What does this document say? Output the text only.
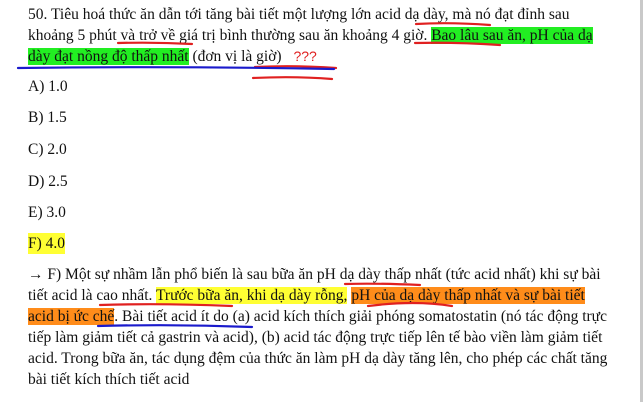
50. Tiêu hoá thức ăn dẫn tới tăng bài tiết một lượng lớn acid dạ dày, mà nó đạt đỉnh sau khoảng 5 phút và trở về giá trị bình thường sau ăn khoảng 4 giờ. Bao lâu sau ăn, pH của dạ dày đạt nồng độ thấp nhất (đơn vị là giờ) ???
A) 1.0
B) 1.5
C) 2.0
D) 2.5
E) 3.0
F) 4.0
→ F) Một sự nhầm lẫn phổ biến là sau bữa ăn pH dạ dày thấp nhất (tức acid nhất) khi sự bài tiết acid là cao nhất. Trước bữa ăn, khi dạ dày rỗng, pH của dạ dày thấp nhất và sự bài tiết acid bị ức chế. Bài tiết acid ít do (a) acid kích thích giải phóng somatostatin (nó tác động trực tiếp làm giảm tiết cả gastrin và acid), (b) acid tác động trực tiếp lên tế bào viền làm giảm tiết acid. Trong bữa ăn, tác dụng đệm của thức ăn làm pH dạ dày tăng lên, cho phép các chất tăng bài tiết kích thích tiết acid
